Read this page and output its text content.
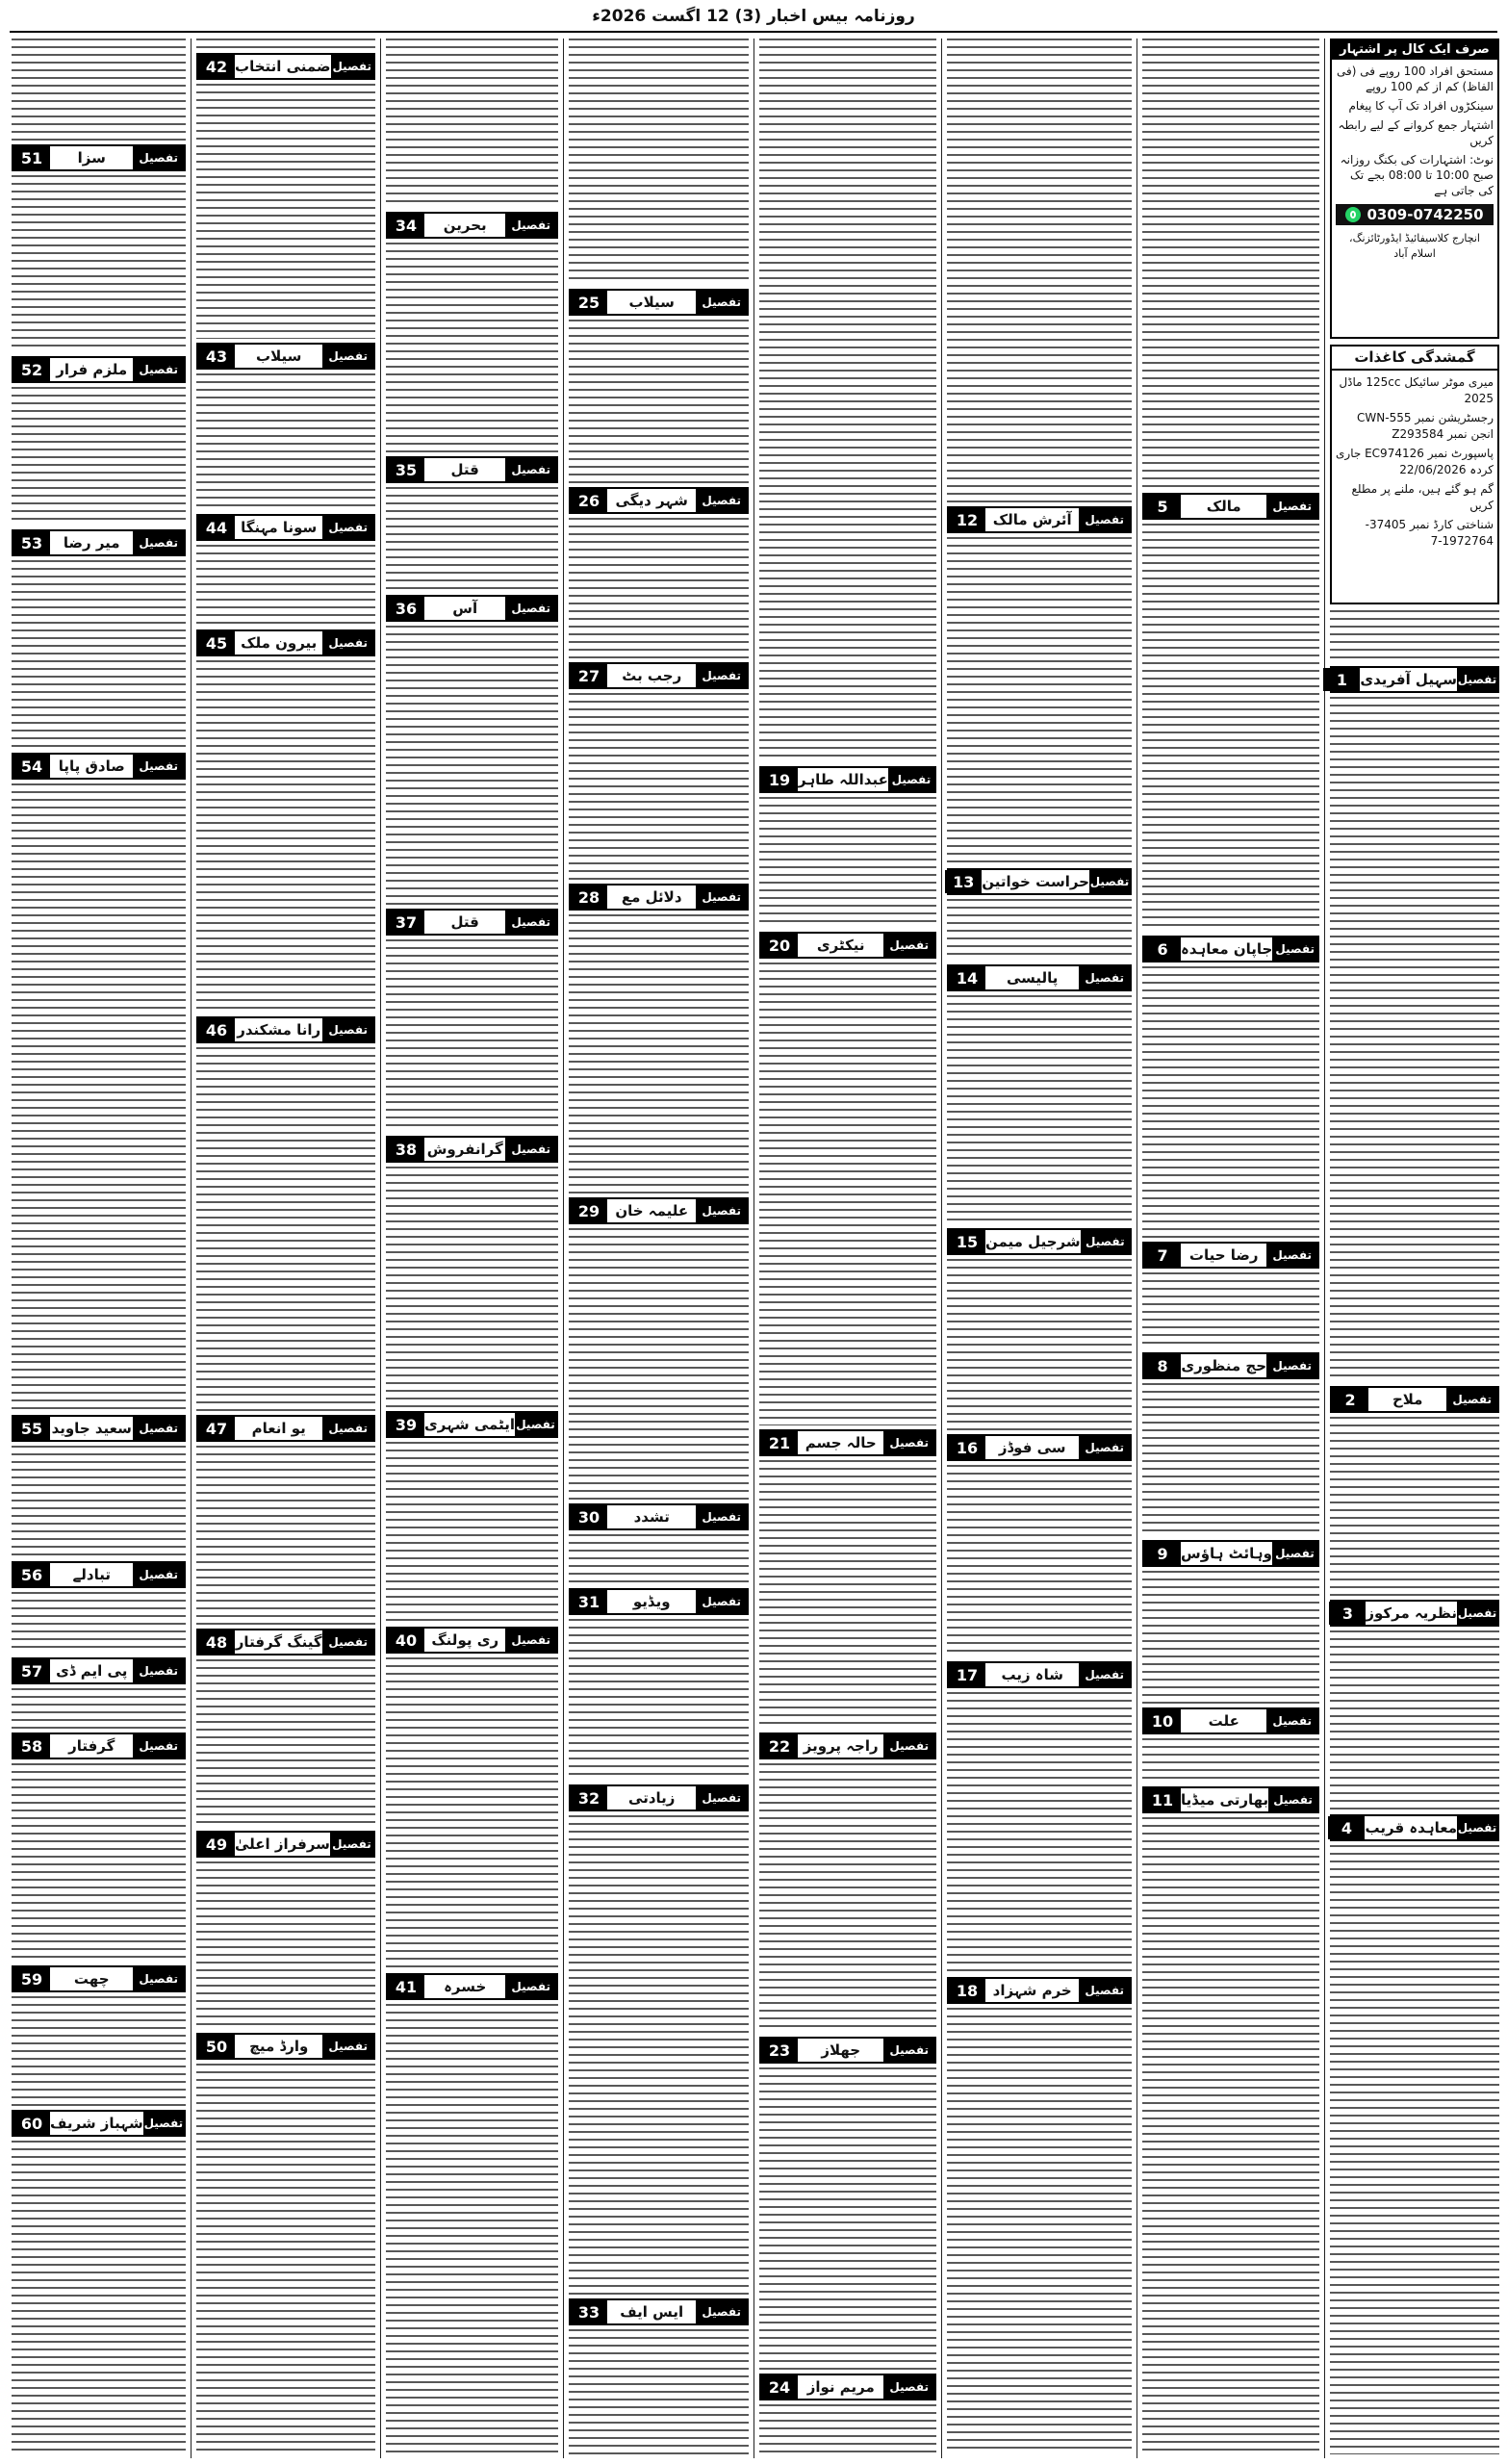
روزنامہ بیس اخبار (3) 12 اگست 2026ء
صرف ایک کال پر اشتہار

مستحق افراد 100 روپے فی (فی الفاظ) کم از کم 100 روپے

سینکڑوں افراد تک آپ کا پیغام

اشتہار جمع کروانے کے لیے رابطہ کریں

نوٹ: اشتہارات کی بکنگ روزانہ صبح 10:00 تا 08:00 بجے تک کی جاتی ہے

0309-0742250

انچارج کلاسیفائیڈ ایڈورٹائزنگ، اسلام آباد

گمشدگی کاغذات

میری موٹر سائیکل 125cc ماڈل 2025

رجسٹریشن نمبر CWN-555 انجن نمبر Z293584

پاسپورٹ نمبر EC974126 جاری کردہ 22/06/2026

گم ہو گئے ہیں، ملنے پر مطلع کریں

شناختی کارڈ نمبر 37405-1972764-7

تفصیل
سہیل آفریدی
1
تفصیل
ملاح
2
تفصیل
نظریہ مرکوز
3
تفصیل
معاہدہ قریب
4
تفصیل
مالک
5
تفصیل
جاپان معاہدہ
6
تفصیل
رضا حیات
7
تفصیل
حج منظوری
8
تفصیل
وہائٹ ہاؤس
9
تفصیل
علت
10
تفصیل
بھارتی میڈیا
11
تفصیل
آئرش مالک
12
تفصیل
حراست خواتین
13
تفصیل
پالیسی
14
تفصیل
شرجیل میمن
15
تفصیل
سی فوڈز
16
تفصیل
شاہ زیب
17
تفصیل
خرم شہزاد
18
تفصیل
عبداللہ طاہر
19
تفصیل
نیکٹری
20
تفصیل
حالہ جسم
21
تفصیل
راجہ پرویز
22
تفصیل
جھلاز
23
تفصیل
مریم نواز
24
تفصیل
سیلاب
25
تفصیل
شہر دیگی
26
تفصیل
رجب بٹ
27
تفصیل
دلائل مع
28
تفصیل
علیمہ خان
29
تفصیل
تشدد
30
تفصیل
ویڈیو
31
تفصیل
زیادتی
32
تفصیل
ایس ایف
33
تفصیل
بحرین
34
تفصیل
قتل
35
تفصیل
آس
36
تفصیل
قتل
37
تفصیل
گرانفروش
38
تفصیل
ایٹمی شہری
39
تفصیل
ری پولنگ
40
تفصیل
خسرہ
41
تفصیل
ضمنی انتخاب
42
تفصیل
سیلاب
43
تفصیل
سونا مہنگا
44
تفصیل
بیرون ملک
45
تفصیل
رانا مشکندر
46
تفصیل
یو انعام
47
تفصیل
گینگ گرفتار
48
تفصیل
سرفراز اعلیٰ
49
تفصیل
وارڈ میچ
50
تفصیل
سزا
51
تفصیل
ملزم فرار
52
تفصیل
میر رضا
53
تفصیل
صادق پاپا
54
تفصیل
سعید جاوید
55
تفصیل
تبادلے
56
تفصیل
پی ایم ڈی
57
تفصیل
گرفتار
58
تفصیل
چھت
59
تفصیل
شہباز شریف
60
